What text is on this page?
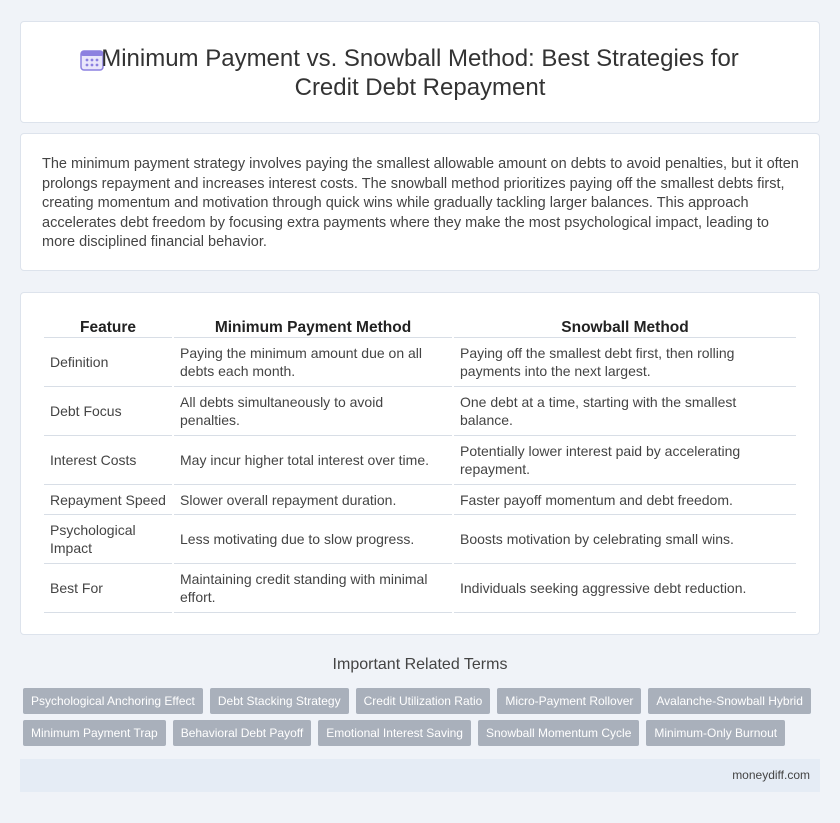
Minimum Payment vs. Snowball Method: Best Strategies for Credit Debt Repayment

The minimum payment strategy involves paying the smallest allowable amount on debts to avoid penalties, but it often prolongs repayment and increases interest costs. The snowball method prioritizes paying off the smallest debts first, creating momentum and motivation through quick wins while gradually tackling larger balances. This approach accelerates debt freedom by focusing extra payments where they make the most psychological impact, leading to more disciplined financial behavior.

Feature	Minimum Payment Method	Snowball Method
Definition	Paying the minimum amount due on all debts each month.	Paying off the smallest debt first, then rolling payments into the next largest.
Debt Focus	All debts simultaneously to avoid penalties.	One debt at a time, starting with the smallest balance.
Interest Costs	May incur higher total interest over time.	Potentially lower interest paid by accelerating repayment.
Repayment Speed	Slower overall repayment duration.	Faster payoff momentum and debt freedom.
Psychological Impact	Less motivating due to slow progress.	Boosts motivation by celebrating small wins.
Best For	Maintaining credit standing with minimal effort.	Individuals seeking aggressive debt reduction.
Important Related Terms
Psychological Anchoring Effect	Debt Stacking Strategy	Credit Utilization Ratio	Micro-Payment Rollover	Avalanche-Snowball Hybrid
Minimum Payment Trap	Behavioral Debt Payoff	Emotional Interest Saving	Snowball Momentum Cycle	Minimum-Only Burnout
moneydiff.com
